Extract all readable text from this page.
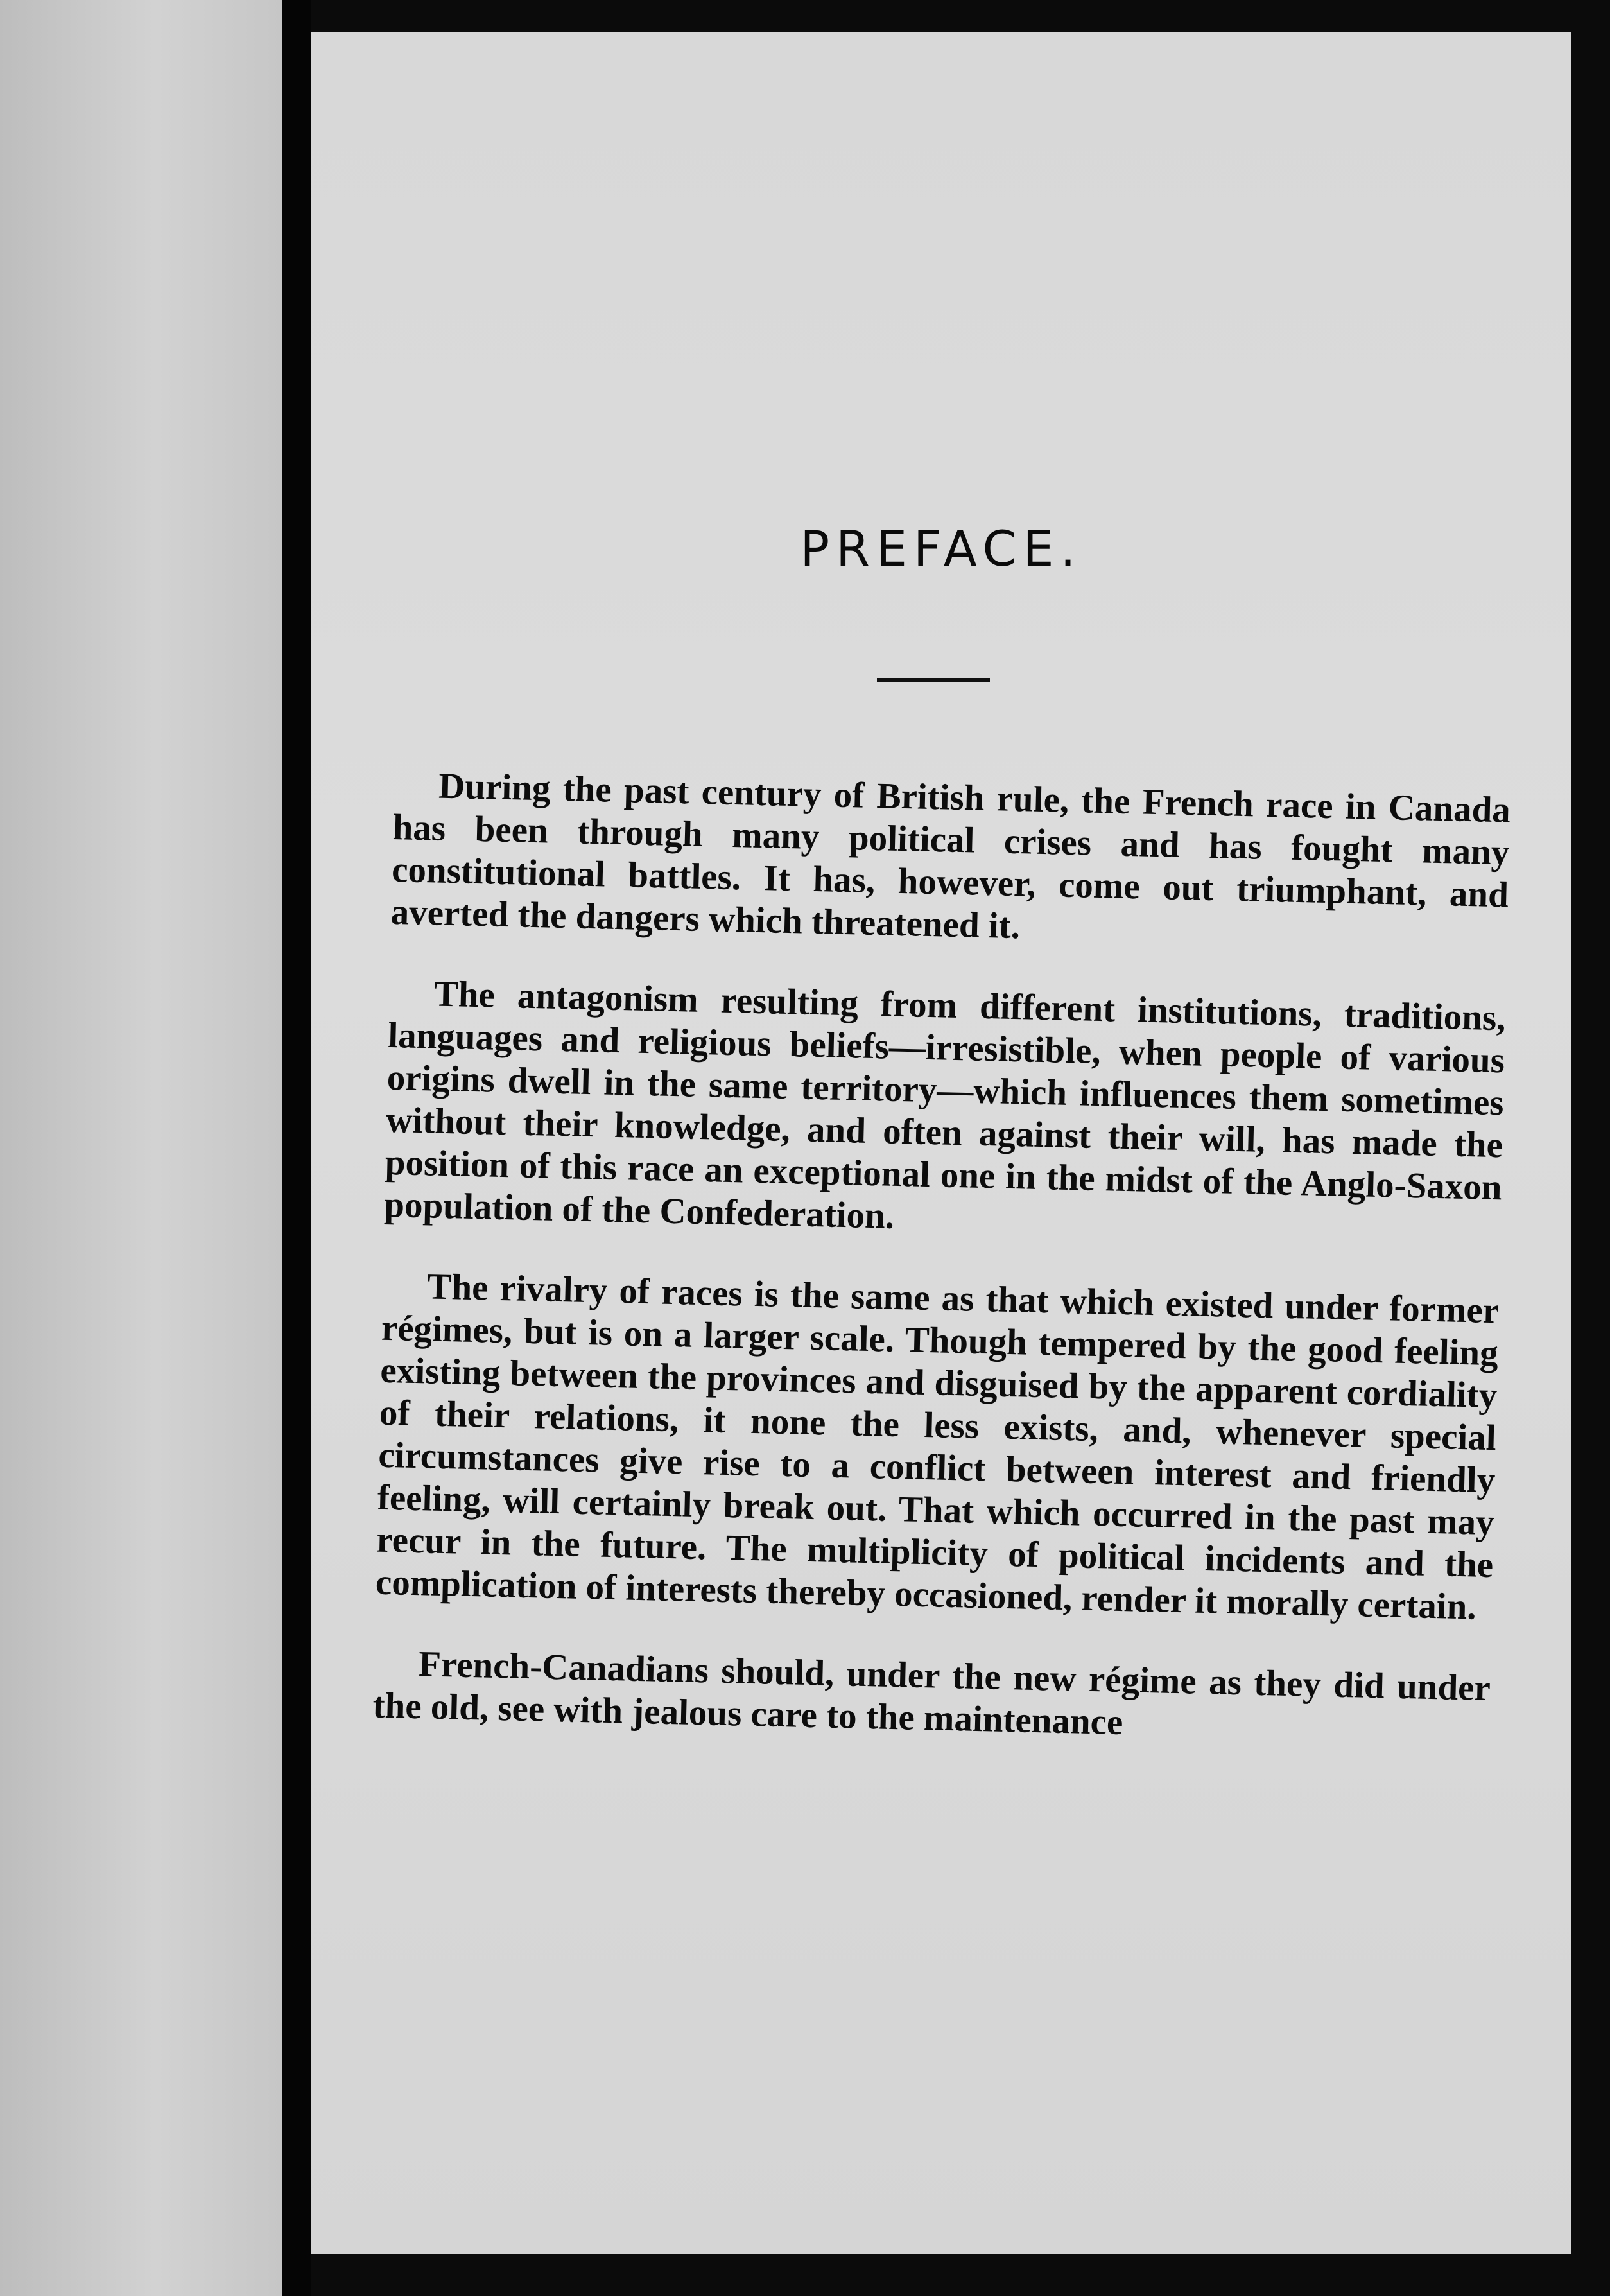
PREFACE.

During the past century of British rule, the French race in Canada has been through many political crises and has fought many constitutional battles. It has, however, come out triumphant, and averted the dangers which threatened it.

The antagonism resulting from different institutions, traditions, languages and religious beliefs—irresistible, when people of various origins dwell in the same territory—which influences them sometimes without their knowledge, and often against their will, has made the position of this race an exceptional one in the midst of the Anglo-Saxon population of the Confederation.

The rivalry of races is the same as that which existed under former régimes, but is on a larger scale. Though tempered by the good feeling existing between the provinces and disguised by the apparent cordiality of their relations, it none the less exists, and, whenever special circumstances give rise to a conflict between interest and friendly feeling, will certainly break out. That which occurred in the past may recur in the future. The multiplicity of political incidents and the complication of interests thereby occasioned, render it morally certain.

French-Canadians should, under the new régime as they did under the old, see with jealous care to the maintenance
